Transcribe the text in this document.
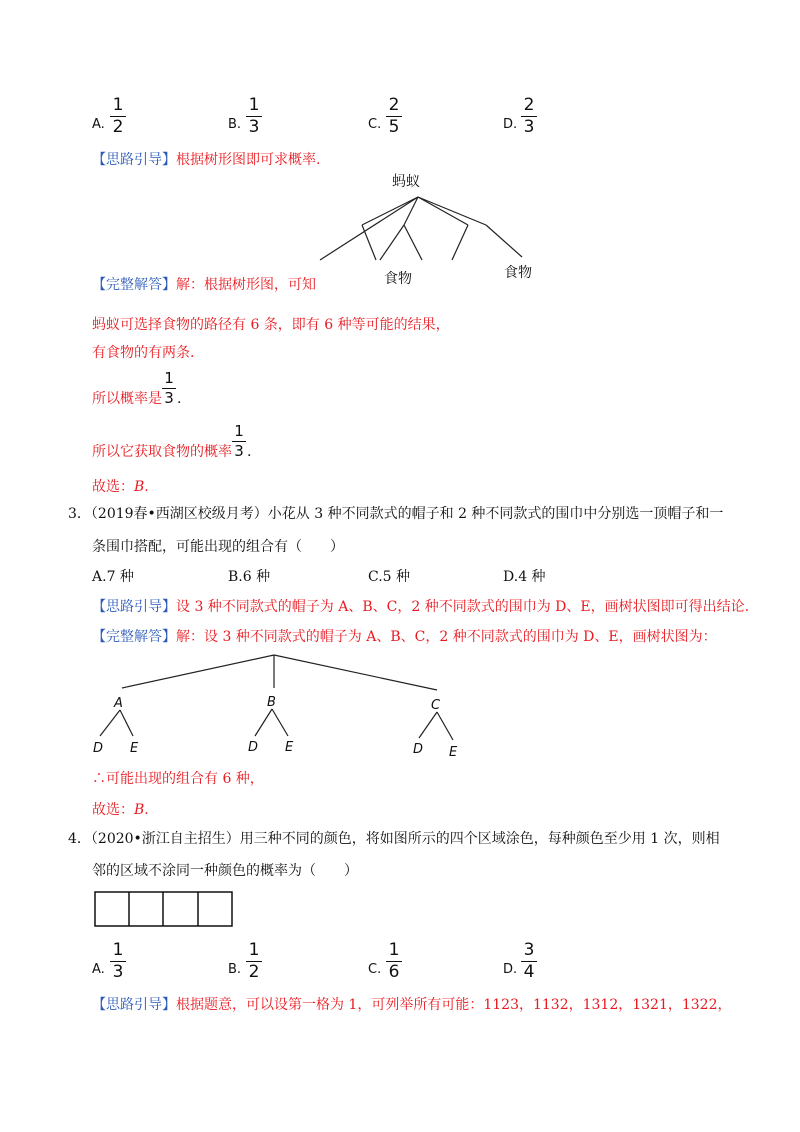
A.
1
2	B.
1
3	C.
2
5	D.
2
3
【思路引导】根据树形图即可求概率.
蚂蚁
食物	食物
【完整解答】解：根据树形图，可知
蚂蚁可选择食物的路径有 6 条，即有 6 种等可能的结果，
有食物的有两条.
所以概率是
1
3 .
所以它获取食物的概率
1
3 .
故选：B.
3．（2019春•西湖区校级月考）小花从 3 种不同款式的帽子和 2 种不同款式的围巾中分别选一顶帽子和一
条围巾搭配，可能出现的组合有（　　）
A.7 种	B.6 种	C.5 种	D.4 种
【思路引导】设 3 种不同款式的帽子为 A、B、C，2 种不同款式的围巾为 D、E，画树状图即可得出结论.
【完整解答】解：设 3 种不同款式的帽子为 A、B、C，2 种不同款式的围巾为 D、E，画树状图为：
A	B	C
D E	D E	D E
∴可能出现的组合有 6 种，
故选：B.
4．（2020•浙江自主招生）用三种不同的颜色，将如图所示的四个区域涂色，每种颜色至少用 1 次，则相
邻的区域不涂同一种颜色的概率为（　　）
A.
1
3	B.
1
2	C.
1
6	D.
3
4
【思路引导】根据题意，可以设第一格为 1，可列举所有可能：1123，1132，1312，1321，1322，
